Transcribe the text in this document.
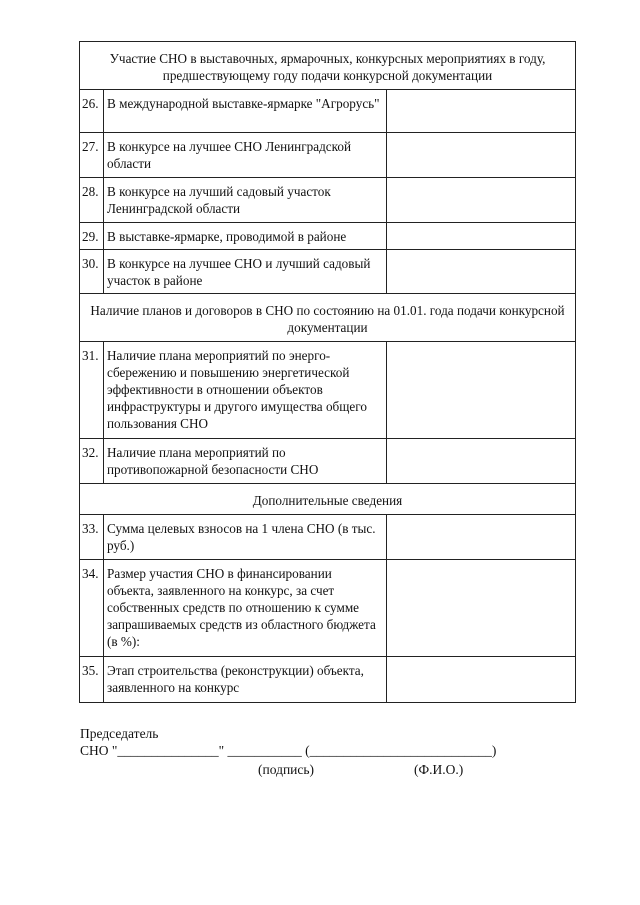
Участие СНО в выставочных, ярмарочных, конкурсных мероприятиях в году, предшествующему году подачи конкурсной документации		
26.	В международной выставке-ярмарке "Агрорусь"	
27.	В конкурсе на лучшее СНО Ленинградской области	
28.	В конкурсе на лучший садовый участок Ленинградской области	
29.	В выставке-ярмарке, проводимой в районе	
30.	В конкурсе на лучшее СНО и лучший садовый участок в районе	
Наличие планов и договоров в СНО по состоянию на 01.01. года подачи конкурсной документации		
31.	Наличие плана мероприятий по энерго-сбережению и повышению энергетической эффективности в отношении объектов инфраструктуры и другого имущества общего пользования СНО	
32.	Наличие плана мероприятий по противопожарной безопасности СНО	
Дополнительные сведения		
33.	Сумма целевых взносов на 1 члена СНО (в тыс. руб.)	
34.	Размер участия СНО в финансировании объекта, заявленного на конкурс, за счет собственных средств по отношению к сумме запрашиваемых средств из областного бюджета (в %):	
35.	Этап строительства (реконструкции) объекта, заявленного на конкурс	
Председатель
СНО "_______________" ___________ (___________________________)
(подпись)	(Ф.И.О.)
